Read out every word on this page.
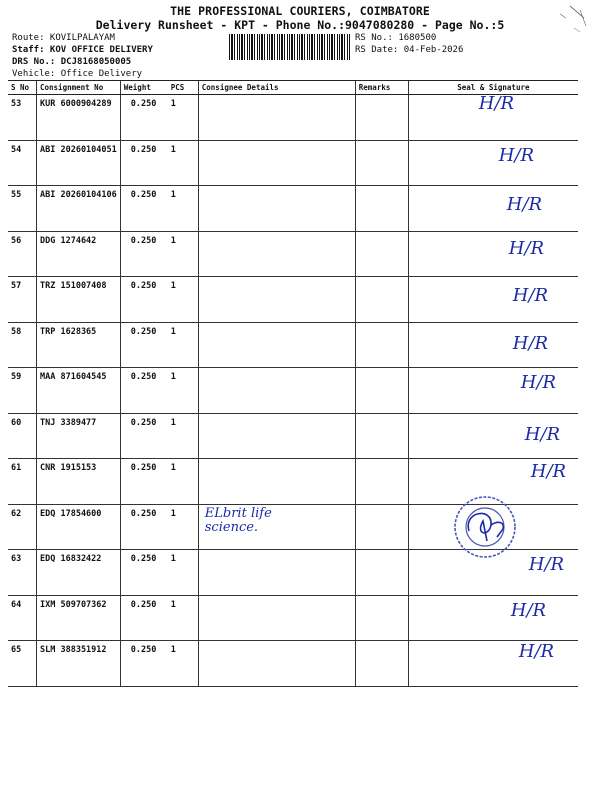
THE PROFESSIONAL COURIERS, COIMBATORE
Delivery Runsheet - KPT - Phone No.:9047080280 - Page No.:5
Route: KOVILPALAYAM
Staff: KOV OFFICE DELIVERY
DRS No.: DCJ8168050005
Vehicle: Office Delivery
RS No.: 1680500
RS Date: 04-Feb-2026
S No	Consignment No	Weight	PCS	Consignee Details	Remarks	Seal & Signature
53	KUR 6000904289	0.250	1			H/R

54	ABI 20260104051	0.250	1			H/R

55	ABI 20260104106	0.250	1			H/R

56	DDG 1274642	0.250	1			H/R

57	TRZ 151007408	0.250	1			H/R

58	TRP 1628365	0.250	1			H/R

59	MAA 871604545	0.250	1			H/R

60	TNJ 3389477	0.250	1			H/R

61	CNR 1915153	0.250	1			H/R

62	EDQ 17854600	0.250	1	ELbrit life science.

63	EDQ 16832422	0.250	1			H/R

64	IXM 509707362	0.250	1			H/R

65	SLM 388351912	0.250	1			H/R
